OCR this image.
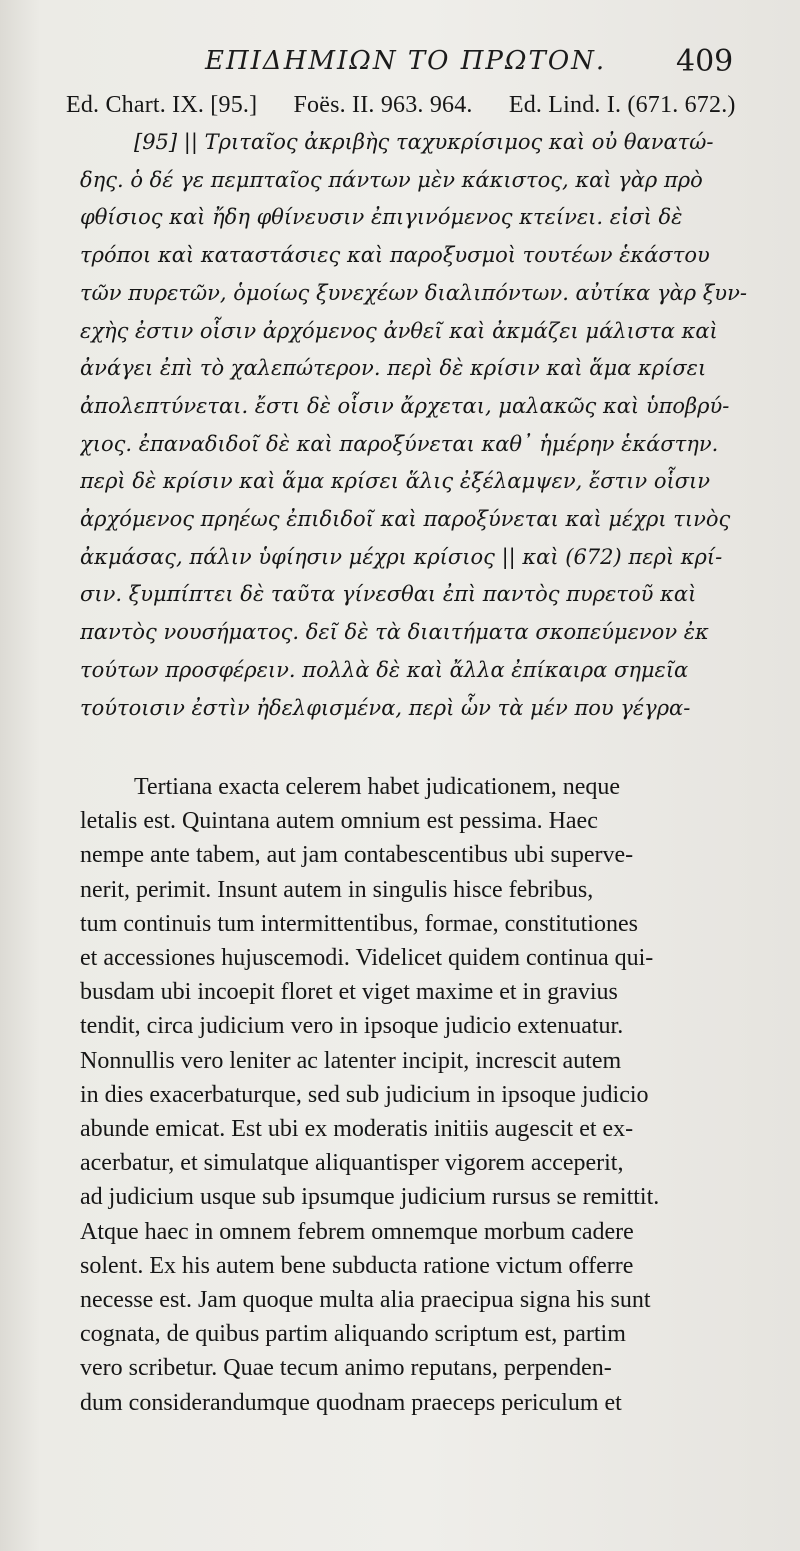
ΕΠΙΔΗΜΙΩΝ ΤΟ ΠΡΩΤΟΝ. 409
Ed. Chart. IX. [95.] Foës. II. 963. 964. Ed. Lind. I. (671. 672.)
[95] || Τριταῖος ἀκριβὴς ταχυκρίσιμος καὶ οὐ θανατώ-
δης. ὁ δέ γε πεμπταῖος πάντων μὲν κάκιστος, καὶ γὰρ πρὸ
φθίσιος καὶ ἤδη φθίνευσιν ἐπιγινόμενος κτείνει. εἰσὶ δὲ
τρόποι καὶ καταστάσιες καὶ παροξυσμοὶ τουτέων ἑκάστου
τῶν πυρετῶν, ὁμοίως ξυνεχέων διαλιπόντων. αὐτίκα γὰρ ξυν-
εχὴς ἐστιν οἷσιν ἀρχόμενος ἀνθεῖ καὶ ἀκμάζει μάλιστα καὶ
ἀνάγει ἐπὶ τὸ χαλεπώτερον. περὶ δὲ κρίσιν καὶ ἅμα κρίσει
ἀπολεπτύνεται. ἔστι δὲ οἷσιν ἄρχεται, μαλακῶς καὶ ὑποβρύ-
χιος. ἐπαναδιδοῖ δὲ καὶ παροξύνεται καθ᾽ ἡμέρην ἑκάστην.
περὶ δὲ κρίσιν καὶ ἅμα κρίσει ἅλις ἐξέλαμψεν, ἔστιν οἷσιν
ἀρχόμενος πρηέως ἐπιδιδοῖ καὶ παροξύνεται καὶ μέχρι τινὸς
ἀκμάσας, πάλιν ὑφίησιν μέχρι κρίσιος || καὶ (672) περὶ κρί-
σιν. ξυμπίπτει δὲ ταῦτα γίνεσθαι ἐπὶ παντὸς πυρετοῦ καὶ
παντὸς νουσήματος. δεῖ δὲ τὰ διαιτήματα σκοπεύμενον ἐκ
τούτων προσφέρειν. πολλὰ δὲ καὶ ἄλλα ἐπίκαιρα σημεῖα
τούτοισιν ἐστὶν ἠδελφισμένα, περὶ ὧν τὰ μέν που γέγρα-
Tertiana exacta celerem habet judicationem, neque
letalis est. Quintana autem omnium est pessima. Haec
nempe ante tabem, aut jam contabescentibus ubi superve-
nerit, perimit. Insunt autem in singulis hisce febribus,
tum continuis tum intermittentibus, formae, constitutiones
et accessiones hujuscemodi. Videlicet quidem continua qui-
busdam ubi incoepit floret et viget maxime et in gravius
tendit, circa judicium vero in ipsoque judicio extenuatur.
Nonnullis vero leniter ac latenter incipit, increscit autem
in dies exacerbaturque, sed sub judicium in ipsoque judicio
abunde emicat. Est ubi ex moderatis initiis augescit et ex-
acerbatur, et simulatque aliquantisper vigorem acceperit,
ad judicium usque sub ipsumque judicium rursus se remittit.
Atque haec in omnem febrem omnemque morbum cadere
solent. Ex his autem bene subducta ratione victum offerre
necesse est. Jam quoque multa alia praecipua signa his sunt
cognata, de quibus partim aliquando scriptum est, partim
vero scribetur. Quae tecum animo reputans, perpenden-
dum considerandumque quodnam praeceps periculum et
